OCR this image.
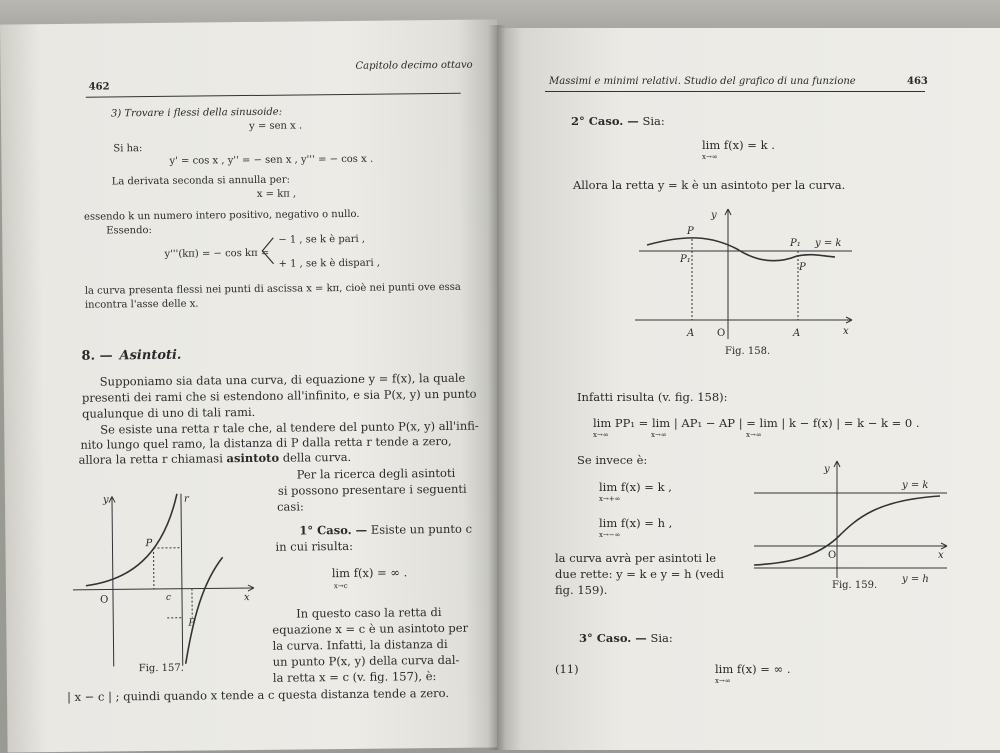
Capitolo decimo ottavo
462
3) Trovare i flessi della sinusoide:
y = sen x .
Si ha:
y' = cos x , y'' = − sen x , y''' = − cos x .
La derivata seconda si annulla per:
x = kπ ,
essendo k un numero intero positivo, negativo o nullo.
Essendo:
y'''(kπ) = − cos kπ =
− 1 , se k è pari ,
+ 1 , se k è dispari ,
la curva presenta flessi nei punti di ascissa x = kπ, cioè nei punti ove essa
incontra l'asse delle x.
8. — Asintoti.
Supponiamo sia data una curva, di equazione y = f(x), la quale
presenti dei rami che si estendono all'infinito, e sia P(x, y) un punto
qualunque di uno di tali rami.
Se esiste una retta r tale che, al tendere del punto P(x, y) all'infi-
nito lungo quel ramo, la distanza di P dalla retta r tende a zero,
allora la retta r chiamasi asintoto della curva.
Per la ricerca degli asintoti
si possono presentare i seguenti
casi:
1° Caso. — Esiste un punto c
in cui risulta:
lim f(x) = ∞ .
x→c
In questo caso la retta di
equazione x = c è un asintoto per
la curva. Infatti, la distanza di
un punto P(x, y) della curva dal-
la retta x = c (v. fig. 157), è:
| x − c | ; quindi quando x tende a c questa distanza tende a zero.
y	r
x
O
P
P
c
Fig. 157.
Massimi e minimi relativi. Studio del grafico di una funzione	463
2° Caso. — Sia:
lim f(x) = k .
x→∞
Allora la retta y = k è un asintoto per la curva.
y
x
P
P₁
P₁
P
y = k
A O	A
Fig. 158.
Infatti risulta (v. fig. 158):
lim PP₁ = lim | AP₁ − AP | = lim | k − f(x) | = k − k = 0 .
x→∞	x→∞	x→∞
Se invece è:
lim f(x) = k ,
x→+∞
lim f(x) = h ,
x→−∞
la curva avrà per asintoti le
due rette: y = k e y = h (vedi
fig. 159).
y
x
O
y = k
y = h
Fig. 159.
3° Caso. — Sia:
(11)	lim f(x) = ∞ .
x→∞
